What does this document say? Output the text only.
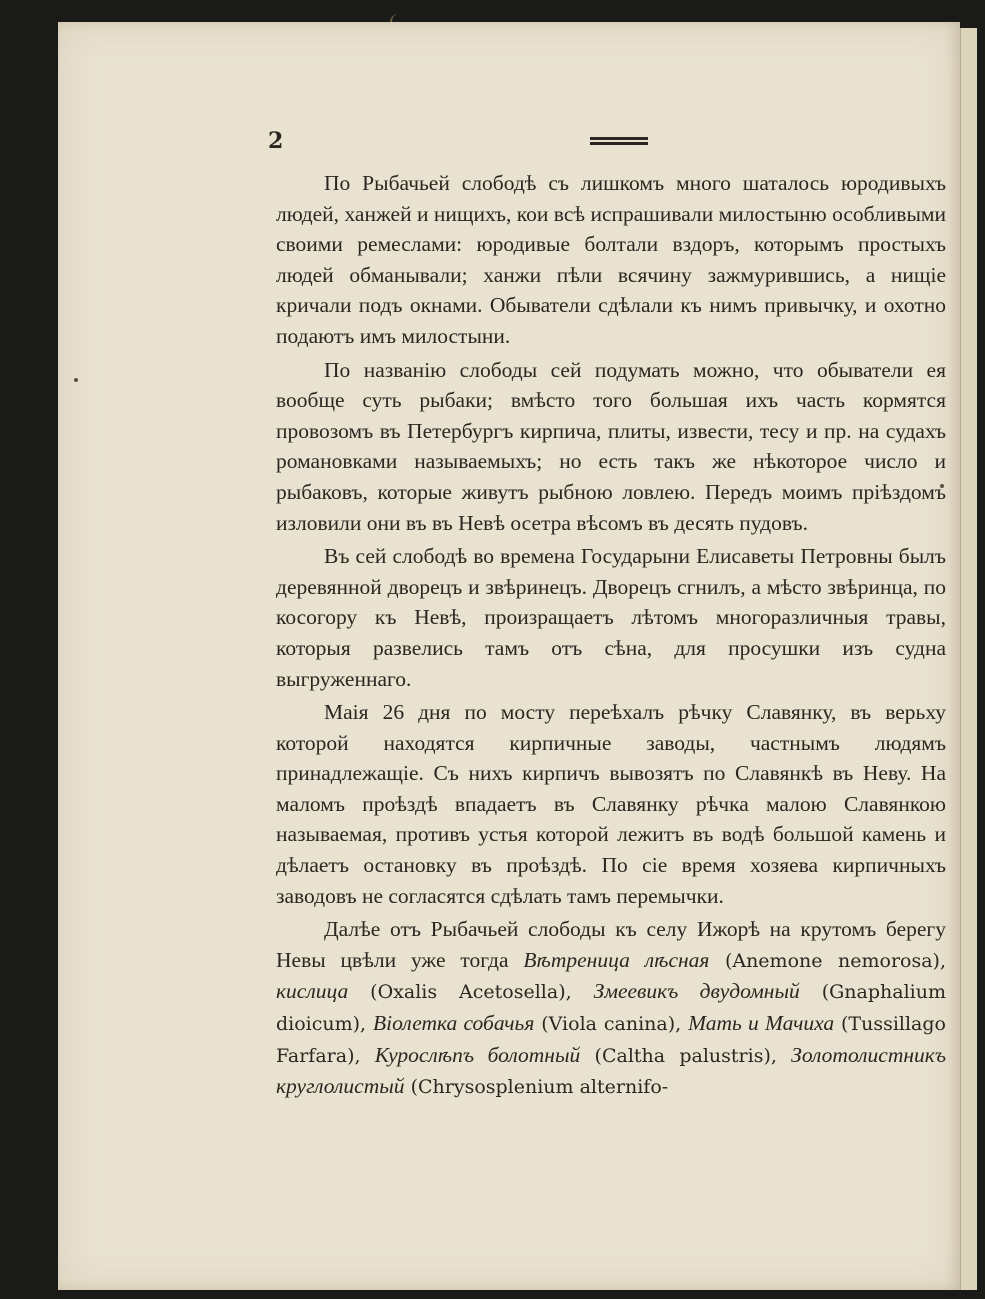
2

По Рыбачьей слободѣ съ лишкомъ много шаталось юродивыхъ людей, ханжей и нищихъ, кои всѣ испрашивали милостыню особливыми своими ремеслами: юродивые болтали вздоръ, которымъ простыхъ людей обманывали; ханжи пѣли всячину зажмурившись, а нищіе кричали подъ окнами. Обыватели сдѣлали къ нимъ привычку, и охотно подаютъ имъ милостыни.

По названію слободы сей подумать можно, что обыватели ея вообще суть рыбаки; вмѣсто того большая ихъ часть кормятся провозомъ въ Петербургъ кирпича, плиты, извести, тесу и пр. на судахъ романовками называемыхъ; но есть такъ же нѣкоторое число и рыбаковъ, которые живутъ рыбною ловлею. Передъ моимъ пріѣздомъ изловили они въ въ Невѣ осетра вѣсомъ въ десять пудовъ.

Въ сей слободѣ во времена Государыни Елисаветы Петровны былъ деревянной дворецъ и звѣринецъ. Дворецъ сгнилъ, а мѣсто звѣринца, по косогору къ Невѣ, произращаетъ лѣтомъ многоразличныя травы, которыя развелись тамъ отъ сѣна, для просушки изъ судна выгруженнаго.

Маія 26 дня по мосту переѣхалъ рѣчку Славянку, въ верьху которой находятся кирпичные заводы, частнымъ людямъ принадлежащіе. Съ нихъ кирпичъ вывозятъ по Славянкѣ въ Неву. На маломъ проѣздѣ впадаетъ въ Славянку рѣчка малою Славянкою называемая, противъ устья которой лежитъ въ водѣ большой камень и дѣлаетъ остановку въ проѣздѣ. По сіе время хозяева кирпичныхъ заводовъ не согласятся сдѣлать тамъ перемычки.

Далѣе отъ Рыбачьей слободы къ селу Ижорѣ на крутомъ берегу Невы цвѣли уже тогда Вѣтреница лѣсная (Anemone nemorosa), кислица (Oxalis Acetosella), Змеевикъ двудомный (Gnaphalium dioicum), Віолетка собачья (Viola canina), Мать и Мачиха (Tussillago Farfara), Курослѣпъ болотный (Caltha palustris), Золотолистникъ круглолистый (Chrysosplenium alternifo-
